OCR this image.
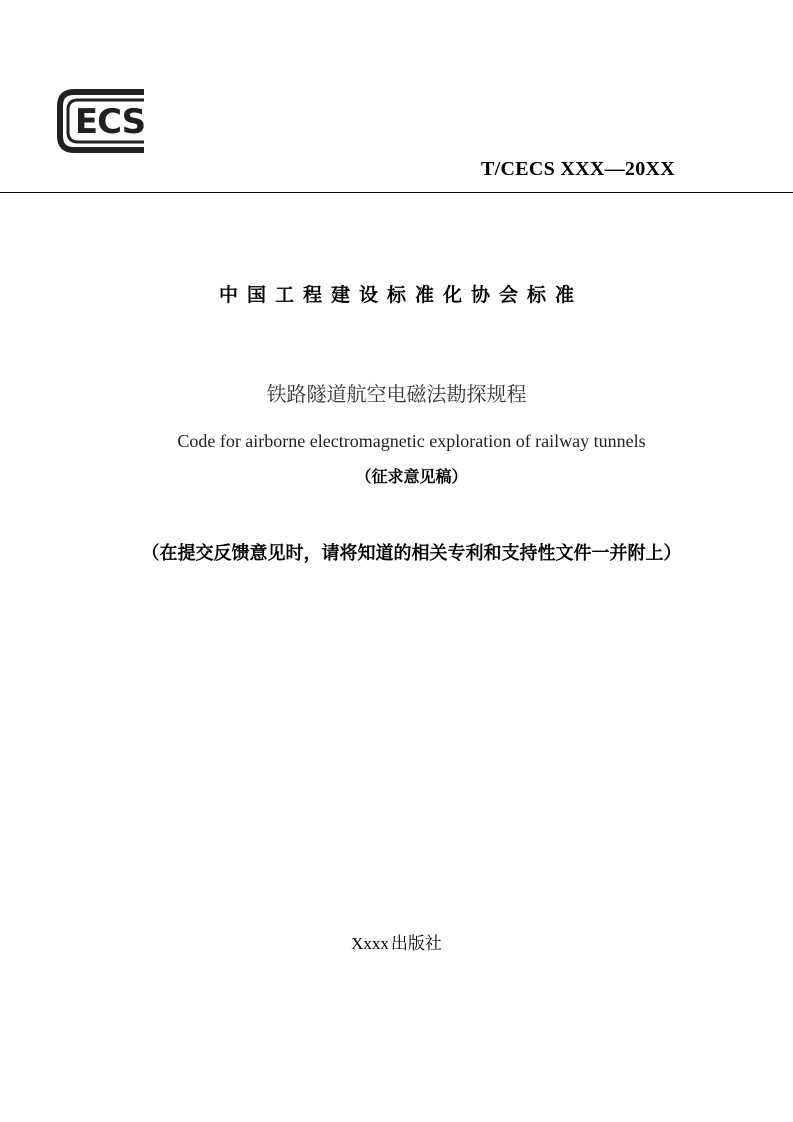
ECS
T/CECS XXX—20XX
中国工程建设标准化协会标准
铁路隧道航空电磁法勘探规程
Code for airborne electromagnetic exploration of railway tunnels
（征求意见稿）
（在提交反馈意见时，请将知道的相关专利和支持性文件一并附上）
Xxxx 出版社
